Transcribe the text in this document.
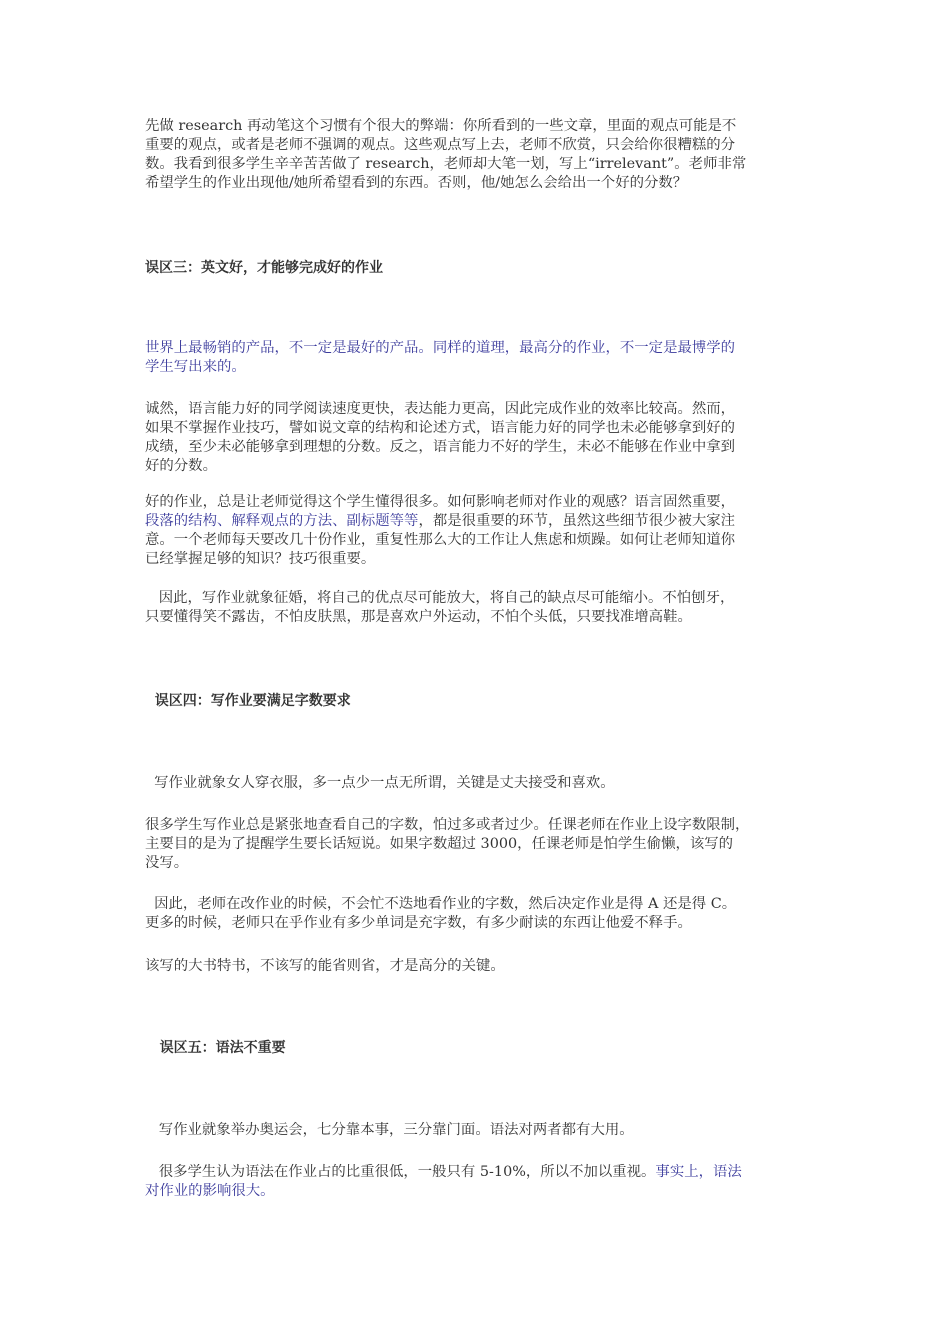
先做 research 再动笔这个习惯有个很大的弊端：你所看到的一些文章，里面的观点可能是不
重要的观点，或者是老师不强调的观点。这些观点写上去，老师不欣赏，只会给你很糟糕的分
数。我看到很多学生辛辛苦苦做了 research，老师却大笔一划，写上“irrelevant”。老师非常
希望学生的作业出现他/她所希望看到的东西。否则，他/她怎么会给出一个好的分数？
误区三：英文好，才能够完成好的作业
世界上最畅销的产品，不一定是最好的产品。同样的道理，最高分的作业，不一定是最博学的
学生写出来的。
诚然，语言能力好的同学阅读速度更快，表达能力更高，因此完成作业的效率比较高。然而，
如果不掌握作业技巧，譬如说文章的结构和论述方式，语言能力好的同学也未必能够拿到好的
成绩，至少未必能够拿到理想的分数。反之，语言能力不好的学生，未必不能够在作业中拿到
好的分数。
好的作业，总是让老师觉得这个学生懂得很多。如何影响老师对作业的观感？语言固然重要，
段落的结构、解释观点的方法、副标题等等，都是很重要的环节，虽然这些细节很少被大家注
意。一个老师每天要改几十份作业，重复性那么大的工作让人焦虑和烦躁。如何让老师知道你
已经掌握足够的知识？技巧很重要。
因此，写作业就象征婚，将自己的优点尽可能放大，将自己的缺点尽可能缩小。不怕刨牙，
只要懂得笑不露齿，不怕皮肤黑，那是喜欢户外运动，不怕个头低，只要找准增高鞋。
误区四：写作业要满足字数要求
写作业就象女人穿衣服，多一点少一点无所谓，关键是丈夫接受和喜欢。
很多学生写作业总是紧张地查看自己的字数，怕过多或者过少。任课老师在作业上设字数限制，
主要目的是为了提醒学生要长话短说。如果字数超过 3000，任课老师是怕学生偷懒，该写的
没写。
因此，老师在改作业的时候，不会忙不迭地看作业的字数，然后决定作业是得 A 还是得 C。
更多的时候，老师只在乎作业有多少单词是充字数，有多少耐读的东西让他爱不释手。
该写的大书特书，不该写的能省则省，才是高分的关键。
误区五：语法不重要
写作业就象举办奥运会，七分靠本事，三分靠门面。语法对两者都有大用。
很多学生认为语法在作业占的比重很低，一般只有 5-10%，所以不加以重视。事实上，语法
对作业的影响很大。
